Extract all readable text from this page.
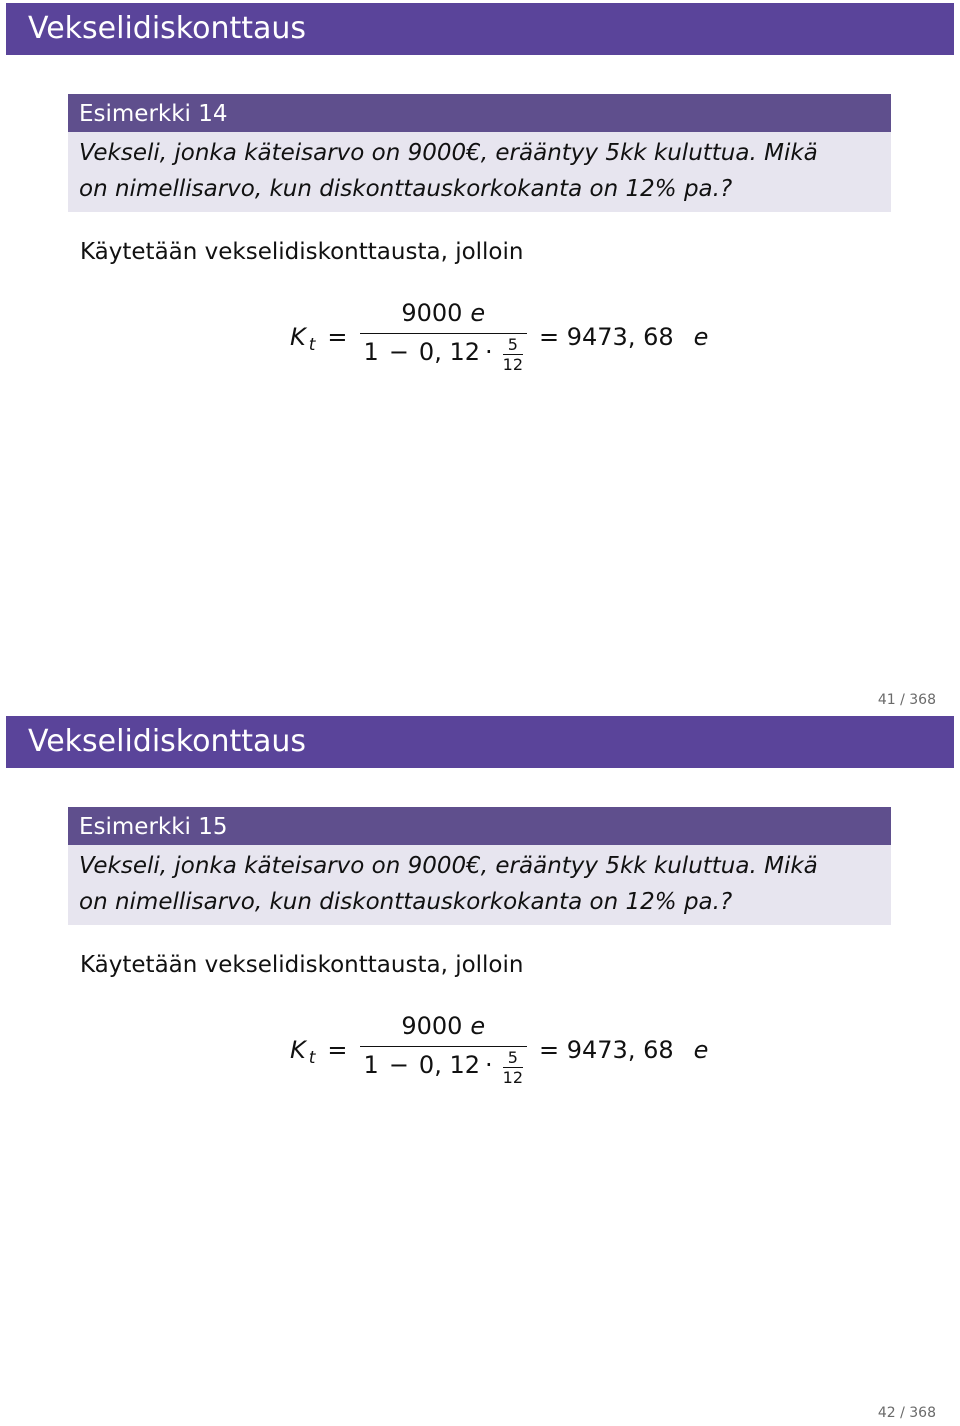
Vekselidiskonttaus
Esimerkki 14
Vekseli, jonka käteisarvo on 9000€, erääntyy 5kk kuluttua. Mikä
on nimellisarvo, kun diskonttauskorkokanta on 12% pa.?
Käytetään vekselidiskonttausta, jolloin
K t = 9000 e
1 − 0, 12 · 5
12 = 9473, 68 e
41 / 368
Vekselidiskonttaus
Esimerkki 15
Vekseli, jonka käteisarvo on 9000€, erääntyy 5kk kuluttua. Mikä
on nimellisarvo, kun diskonttauskorkokanta on 12% pa.?
Käytetään vekselidiskonttausta, jolloin
K t = 9000 e
1 − 0, 12 · 5
12 = 9473, 68 e
42 / 368
